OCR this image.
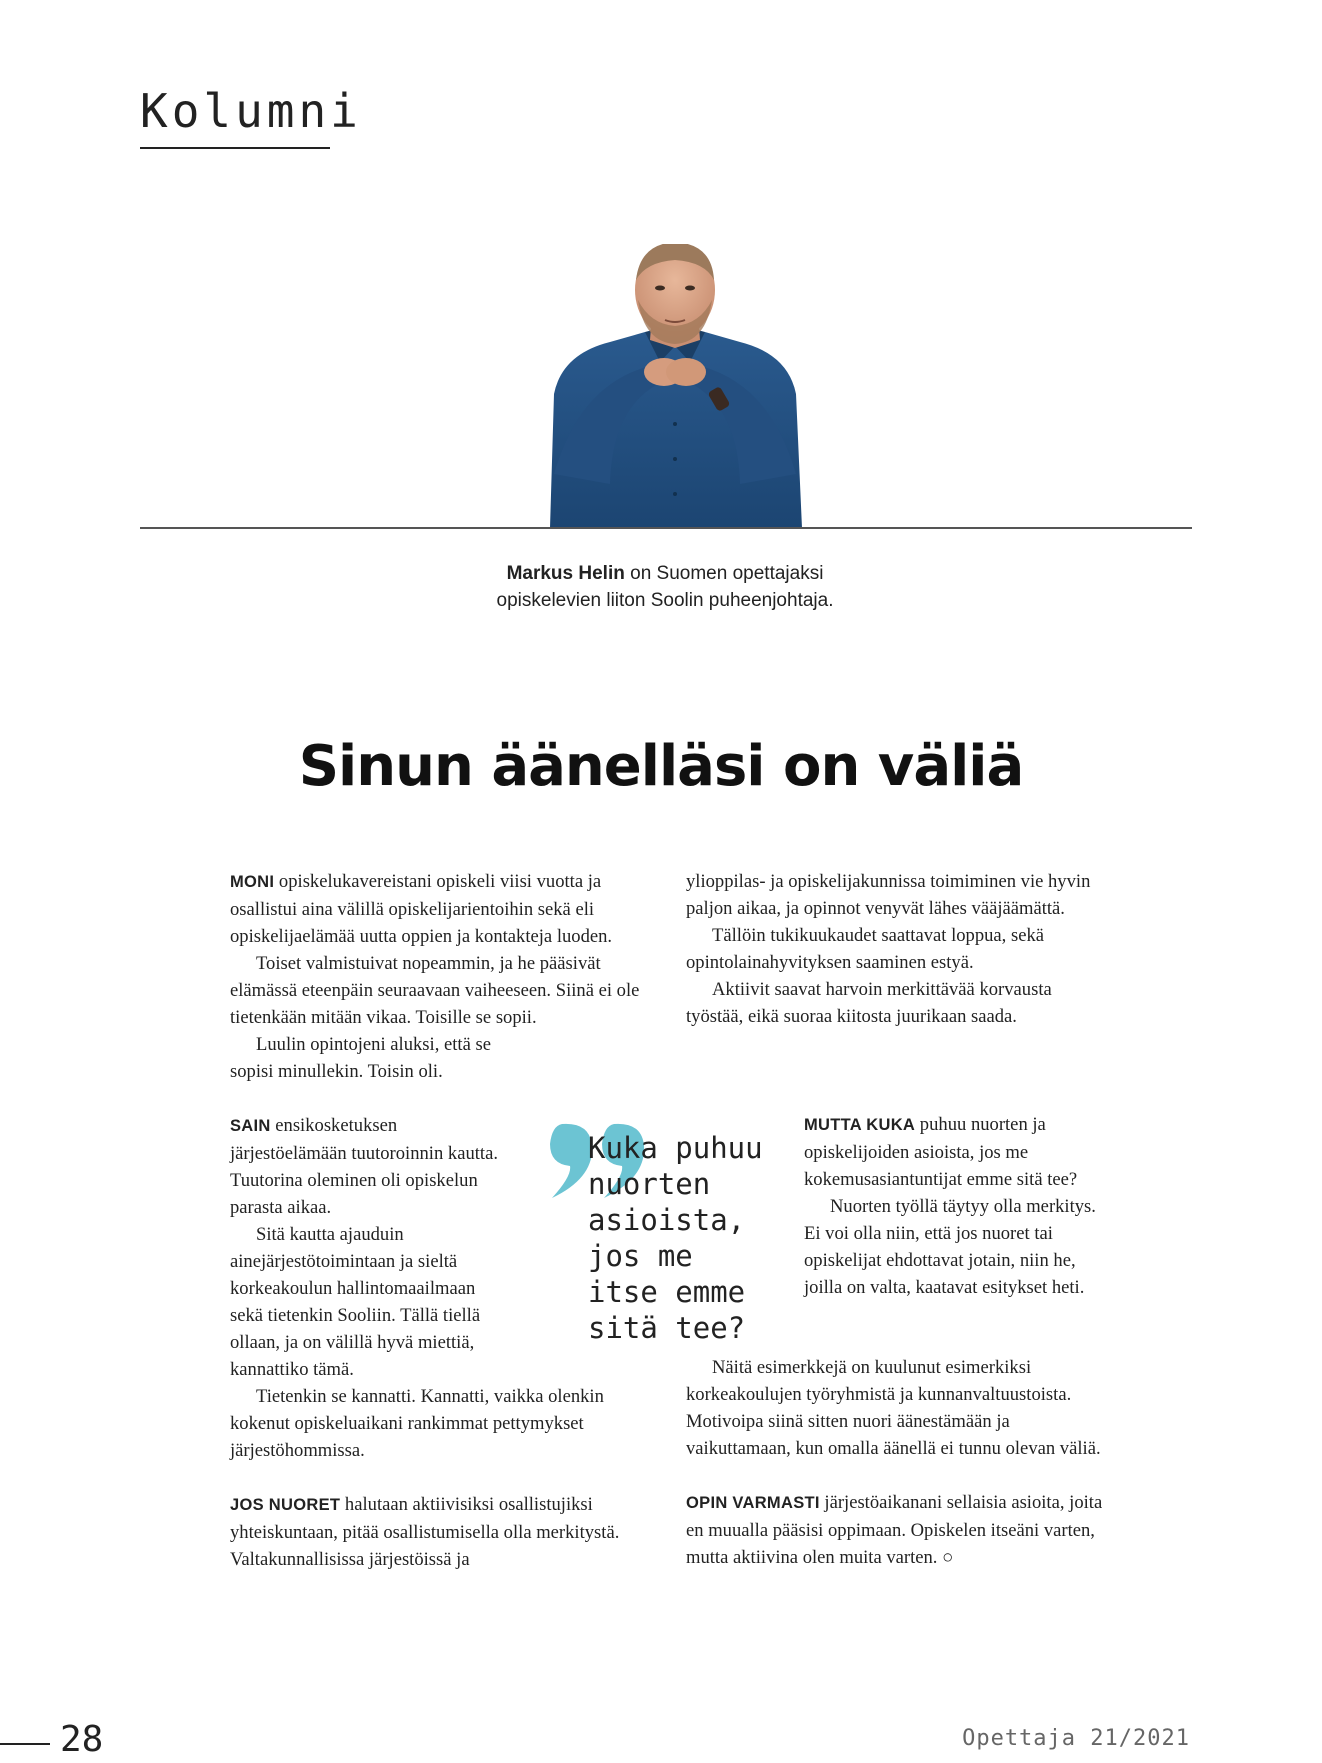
Kolumni
Markus Helin on Suomen opettajaksi
opiskelevien liiton Soolin puheenjohtaja.
Sinun äänelläsi on väliä

MONI opiskelukavereistani opiskeli viisi vuotta ja osallistui aina välillä opiskelijarientoihin sekä eli opiskelijaelämää uutta oppien ja kontakteja luoden.

Toiset valmistuivat nopeammin, ja he pääsivät elämässä eteenpäin seuraavaan vaiheeseen. Siinä ei ole tietenkään mitään vikaa. Toisille se sopii.

Luulin opintojeni aluksi, että se sopisi minullekin. Toisin oli.

SAIN ensikosketuksen järjestöelämään tuutoroinnin kautta. Tuutorina oleminen oli opiskelun parasta aikaa.

Sitä kautta ajauduin ainejärjestötoimintaan ja sieltä korkeakoulun hallintomaailmaan sekä tietenkin Sooliin. Tällä tiellä ollaan, ja on välillä hyvä miettiä, kannattiko tämä.

Tietenkin se kannatti. Kannatti, vaikka olenkin kokenut opiskeluaikani rankimmat pettymykset järjestöhommissa.

JOS NUORET halutaan aktiivisiksi osallistujiksi yhteiskuntaan, pitää osallistumisella olla merkitystä. Valtakunnallisissa järjestöissä ja

Kuka puhuu
nuorten
asioista,
jos me
itse emme
sitä tee?

ylioppilas- ja opiskelijakunnissa toimiminen vie hyvin paljon aikaa, ja opinnot venyvät lähes vääjäämättä.

Tällöin tukikuukaudet saattavat loppua, sekä opintolainahyvityksen saaminen estyä.

Aktiivit saavat harvoin merkittävää korvausta työstää, eikä suoraa kiitosta juurikaan saada.

MUTTA KUKA puhuu nuorten ja opiskelijoiden asioista, jos me kokemusasiantuntijat emme sitä tee?

Nuorten työllä täytyy olla merkitys. Ei voi olla niin, että jos nuoret tai opiskelijat ehdottavat jotain, niin he, joilla on valta, kaatavat esitykset heti.

Näitä esimerkkejä on kuulunut esimerkiksi korkeakoulujen työryhmistä ja kunnanvaltuustoista. Motivoipa siinä sitten nuori äänestämään ja vaikuttamaan, kun omalla äänellä ei tunnu olevan väliä.

OPIN VARMASTI järjestöaikanani sellaisia asioita, joita en muualla pääsisi oppimaan. Opiskelen itseäni varten, mutta aktiivina olen muita varten. ○

28	Opettaja 21/2021
